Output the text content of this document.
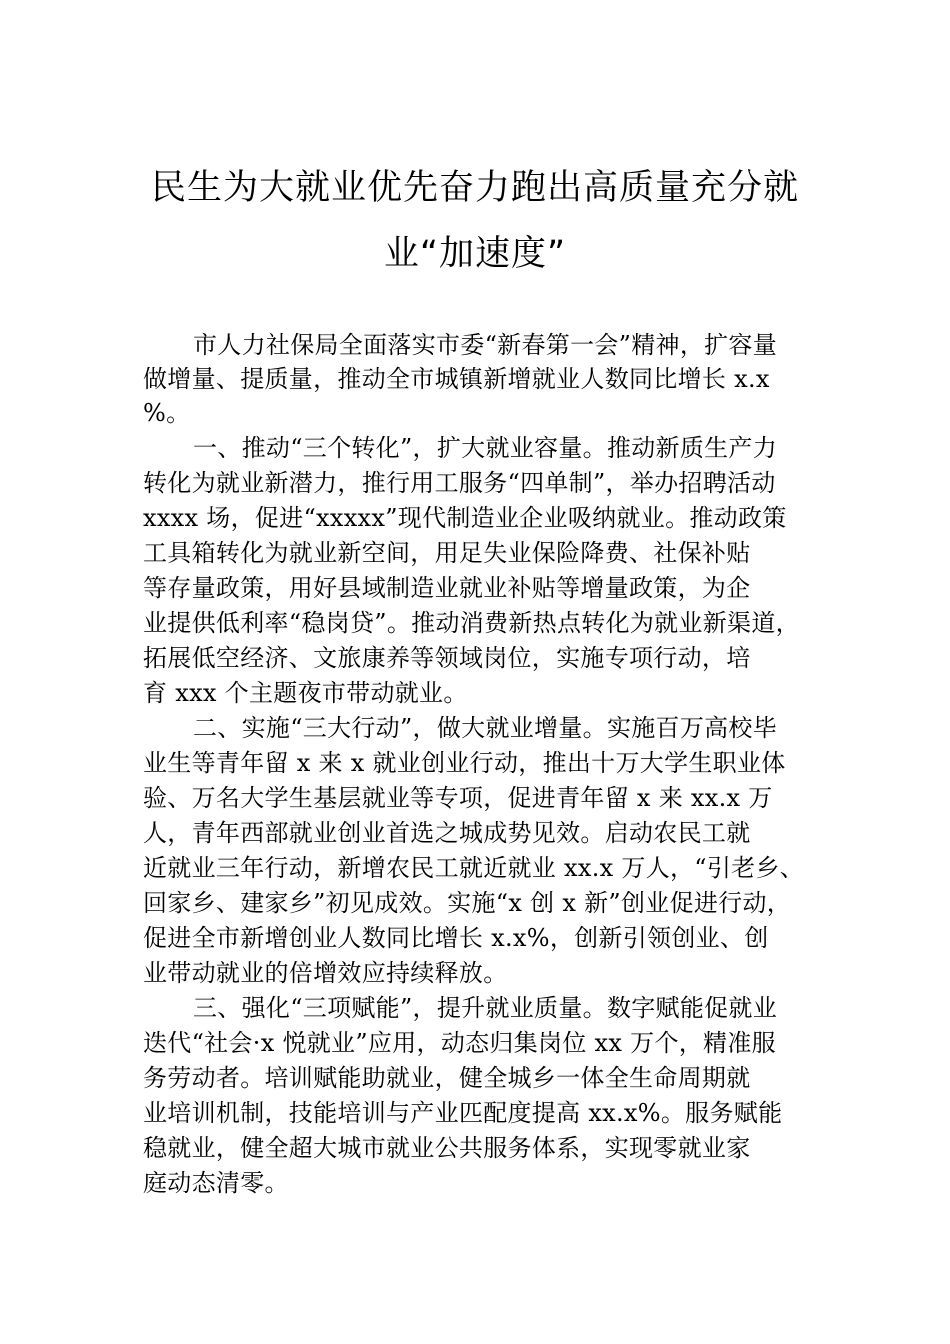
民生为大就业优先奋力跑出高质量充分就
业“加速度”
市人力社保局全面落实市委“新春第一会”精神，扩容量
做增量、提质量，推动全市城镇新增就业人数同比增长 x.x
%。
一、推动“三个转化”，扩大就业容量。推动新质生产力
转化为就业新潜力，推行用工服务“四单制”，举办招聘活动
xxxx 场，促进“xxxxx”现代制造业企业吸纳就业。推动政策
工具箱转化为就业新空间，用足失业保险降费、社保补贴
等存量政策，用好县域制造业就业补贴等增量政策，为企
业提供低利率“稳岗贷”。推动消费新热点转化为就业新渠道，
拓展低空经济、文旅康养等领域岗位，实施专项行动，培
育 xxx 个主题夜市带动就业。
二、实施“三大行动”，做大就业增量。实施百万高校毕
业生等青年留 x 来 x 就业创业行动，推出十万大学生职业体
验、万名大学生基层就业等专项，促进青年留 x 来 xx.x 万
人，青年西部就业创业首选之城成势见效。启动农民工就
近就业三年行动，新增农民工就近就业 xx.x 万人，“引老乡、
回家乡、建家乡”初见成效。实施“x 创 x 新”创业促进行动，
促进全市新增创业人数同比增长 x.x%，创新引领创业、创
业带动就业的倍增效应持续释放。
三、强化“三项赋能”，提升就业质量。数字赋能促就业
迭代“社会·x 悦就业”应用，动态归集岗位 xx 万个，精准服
务劳动者。培训赋能助就业，健全城乡一体全生命周期就
业培训机制，技能培训与产业匹配度提高 xx.x%。服务赋能
稳就业，健全超大城市就业公共服务体系，实现零就业家
庭动态清零。
